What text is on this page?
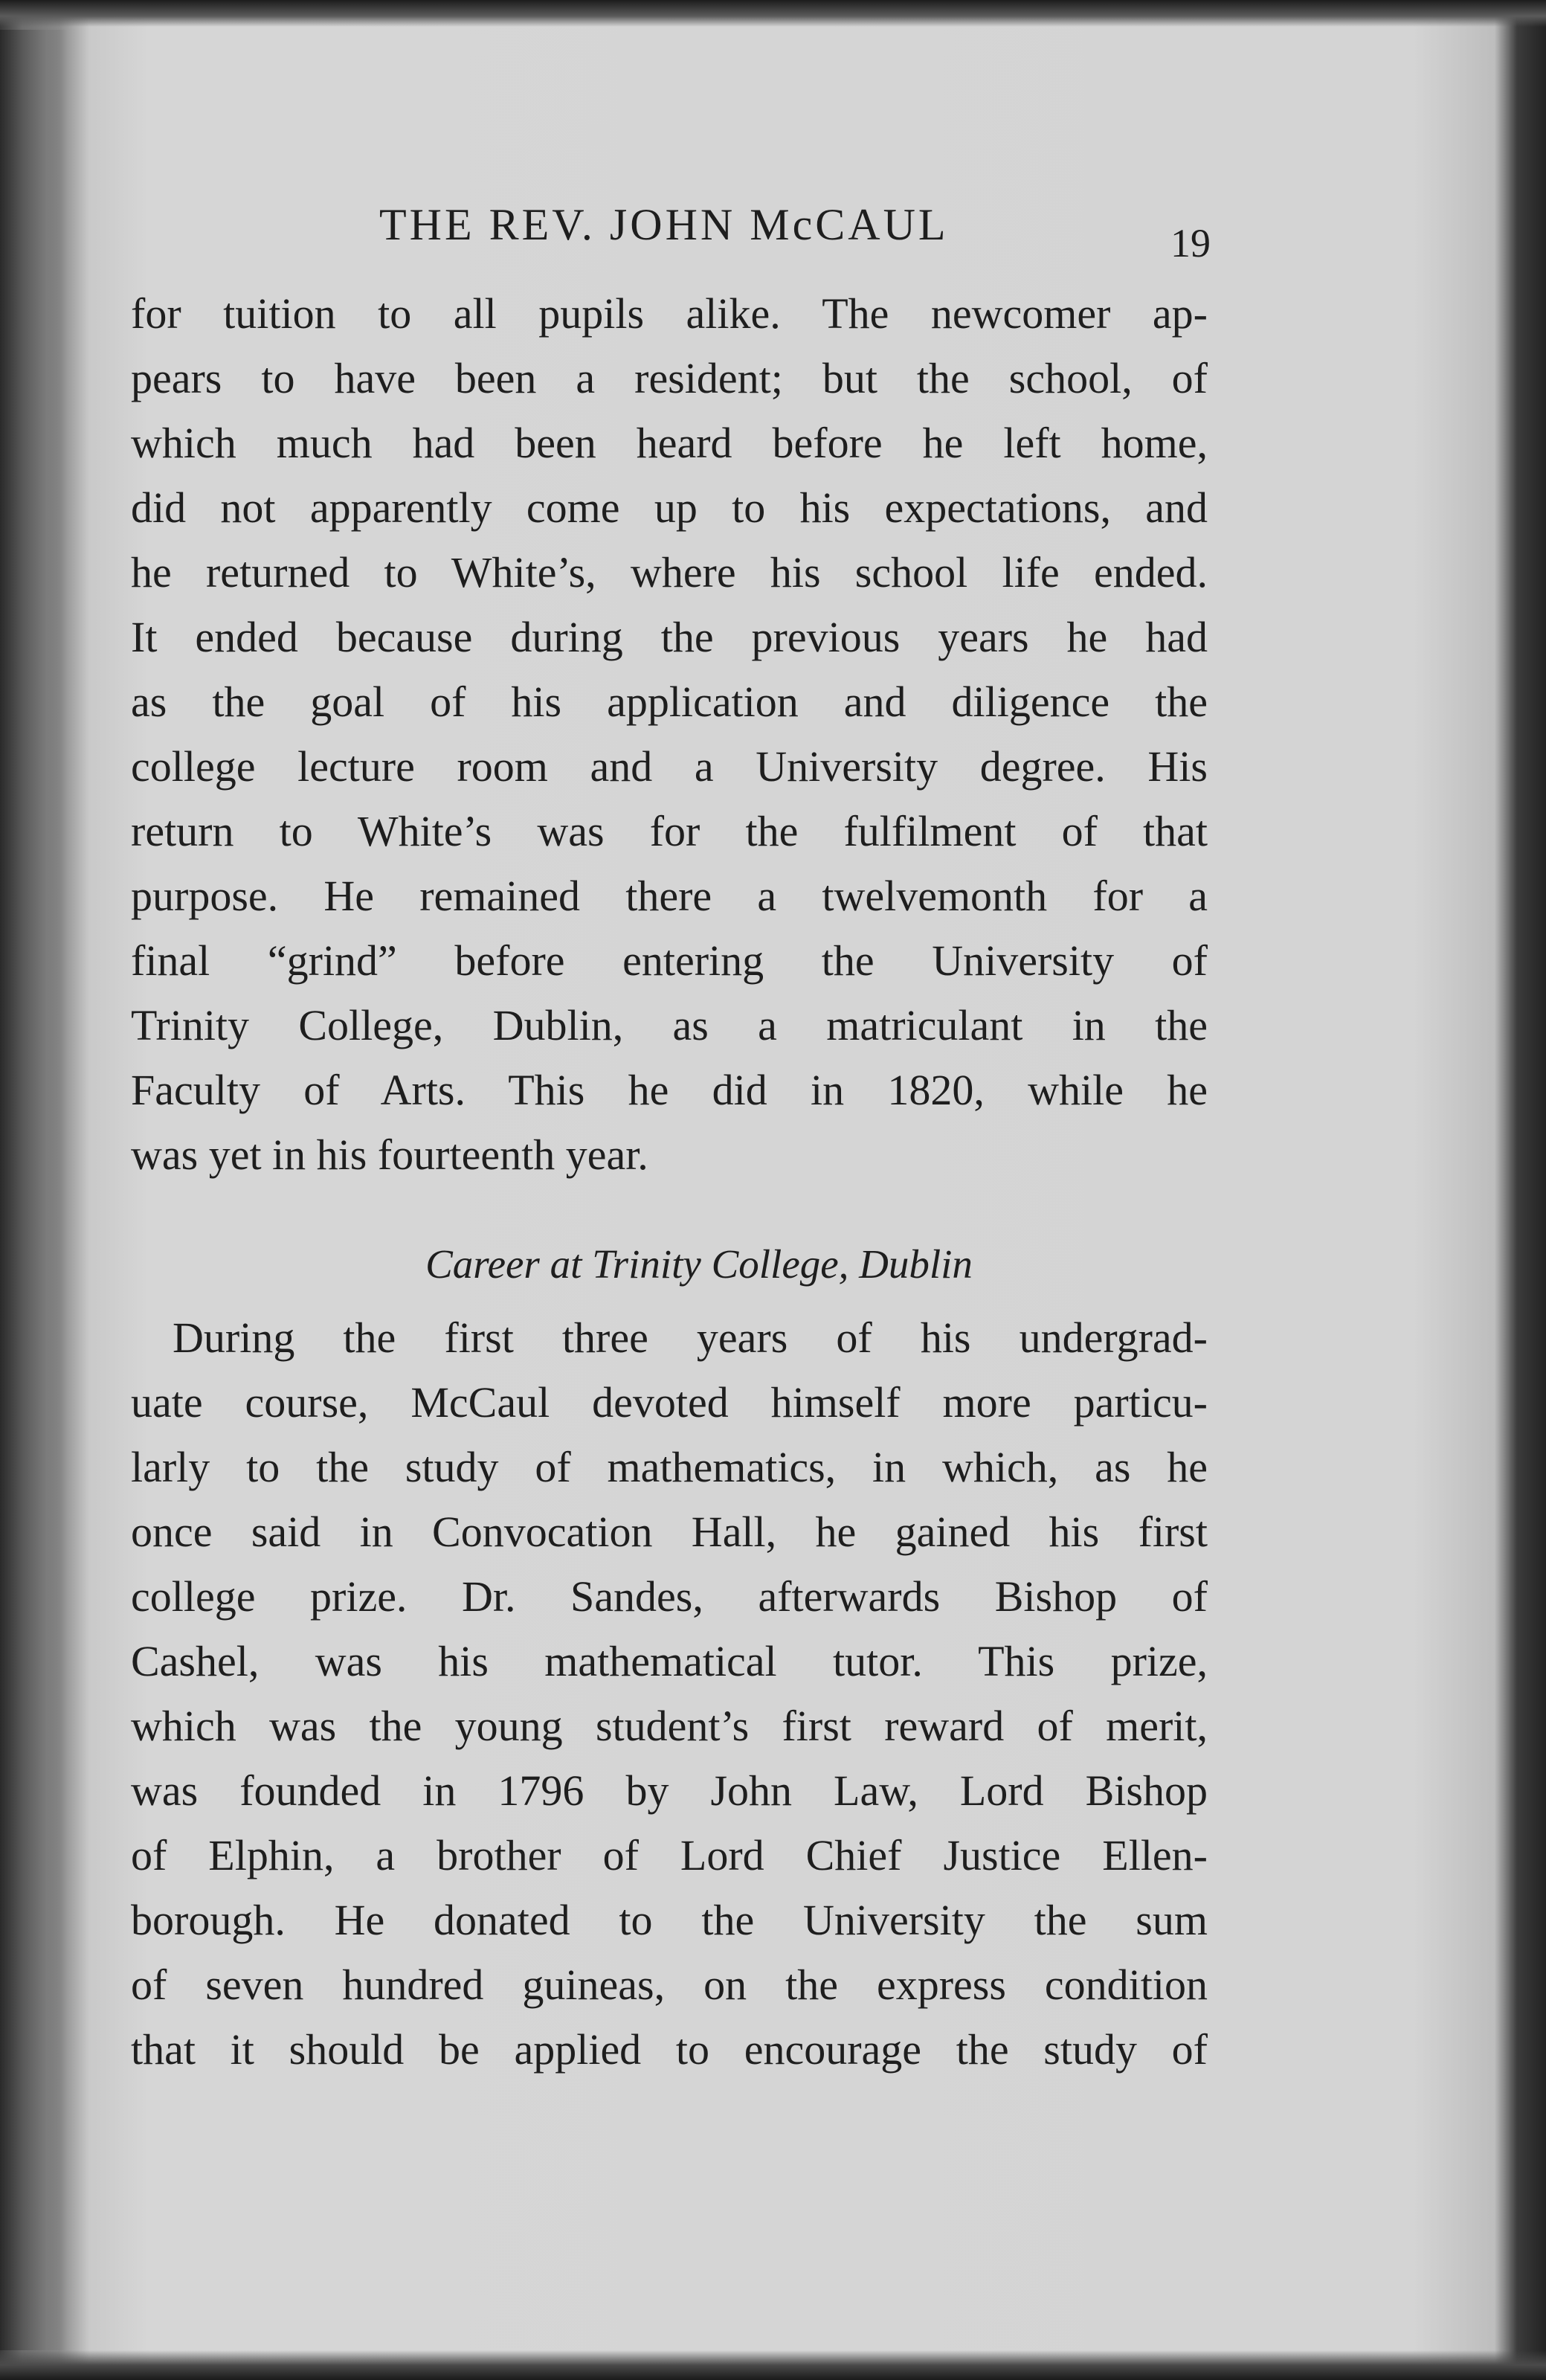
THE REV. JOHN McCAUL	19
for tuition to all pupils alike. The newcomer ap-
pears to have been a resident; but the school, of
which much had been heard before he left home,
did not apparently come up to his expectations, and
he returned to White’s, where his school life ended.
It ended because during the previous years he had
as the goal of his application and diligence the
college lecture room and a University degree. His
return to White’s was for the fulfilment of that
purpose. He remained there a twelvemonth for a
final “grind” before entering the University of
Trinity College, Dublin, as a matriculant in the
Faculty of Arts. This he did in 1820, while he
was yet in his fourteenth year.
Career at Trinity College, Dublin
During the first three years of his undergrad-
uate course, McCaul devoted himself more particu-
larly to the study of mathematics, in which, as he
once said in Convocation Hall, he gained his first
college prize. Dr. Sandes, afterwards Bishop of
Cashel, was his mathematical tutor. This prize,
which was the young student’s first reward of merit,
was founded in 1796 by John Law, Lord Bishop
of Elphin, a brother of Lord Chief Justice Ellen-
borough. He donated to the University the sum
of seven hundred guineas, on the express condition
that it should be applied to encourage the study of
